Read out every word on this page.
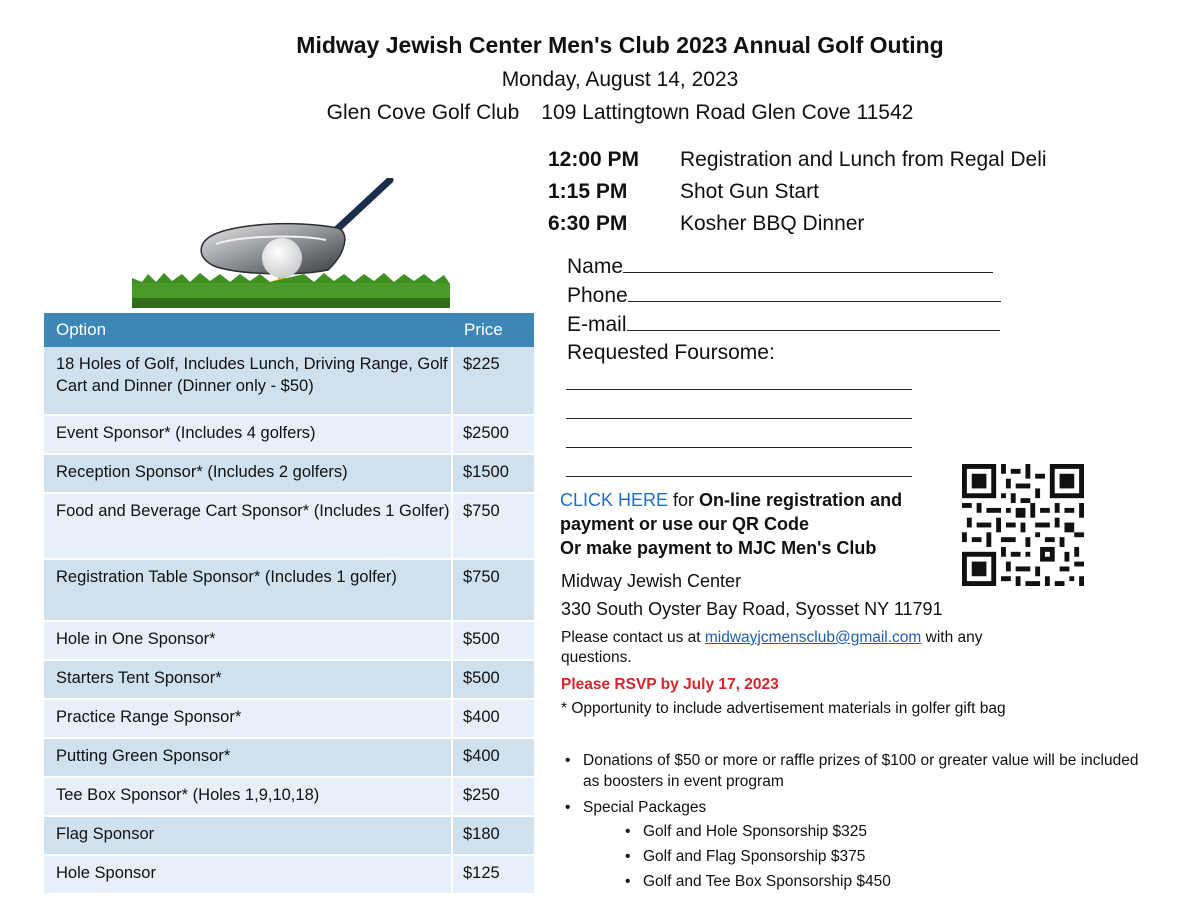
Midway Jewish Center Men's Club 2023 Annual Golf Outing
Monday, August 14, 2023
Glen Cove Golf Club 109 Lattingtown Road Glen Cove 11542
12:00 PM Registration and Lunch from Regal Deli
1:15 PM	Shot Gun Start
6:30 PM	Kosher BBQ Dinner
Name
Phone
E-mail
Requested Foursome:
Option	Price
18 Holes of Golf, Includes Lunch, Driving Range, Golf Cart and Dinner (Dinner only - $50)	$225
Event Sponsor* (Includes 4 golfers)	$2500
Reception Sponsor* (Includes 2 golfers)	$1500
Food and Beverage Cart Sponsor* (Includes 1 Golfer)	$750
Registration Table Sponsor* (Includes 1 golfer)	$750
Hole in One Sponsor*	$500
Starters Tent Sponsor*	$500
Practice Range Sponsor*	$400
Putting Green Sponsor*	$400
Tee Box Sponsor* (Holes 1,9,10,18)	$250
Flag Sponsor	$180
Hole Sponsor	$125
CLICK HERE for On-line registration and payment or use our QR Code
Or make payment to MJC Men's Club
Midway Jewish Center
330 South Oyster Bay Road, Syosset NY 11791
Please contact us at midwayjcmensclub@gmail.com with any questions.
Please RSVP by July 17, 2023
* Opportunity to include advertisement materials in golfer gift bag
• Donations of $50 or more or raffle prizes of $100 or greater value will be included as boosters in event program
• Special Packages
• Golf and Hole Sponsorship $325
• Golf and Flag Sponsorship $375
• Golf and Tee Box Sponsorship $450
